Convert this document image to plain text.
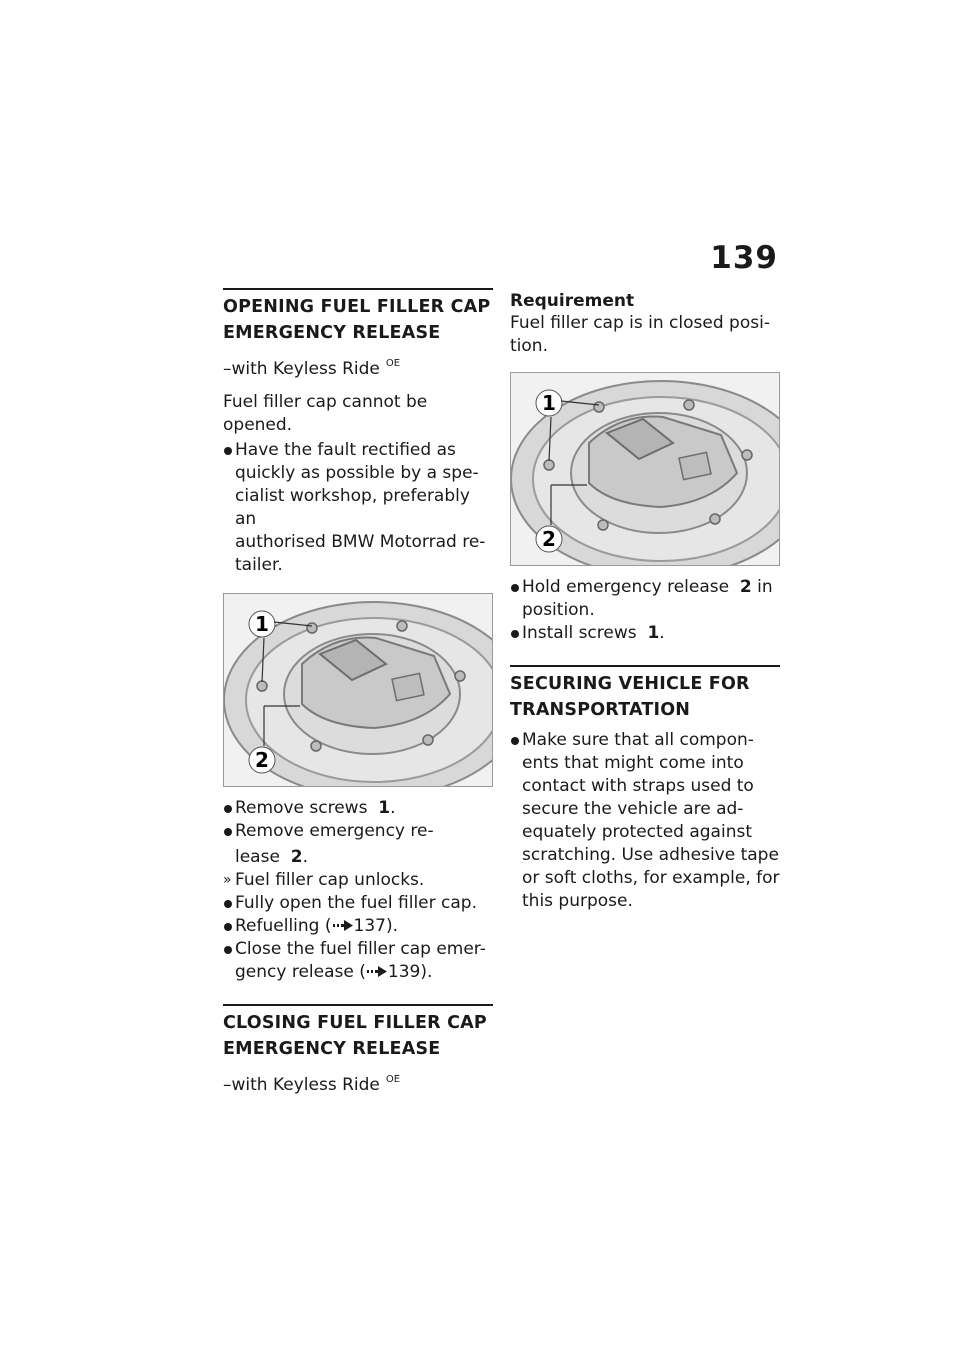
139
OPENING FUEL FILLER CAP
EMERGENCY RELEASE
–with Keyless Ride $^{OE}$
Fuel filler cap cannot be
opened.
Have the fault rectified as
quickly as possible by a spe-
cialist workshop, preferably an
authorised BMW Motorrad re-
tailer.
1
2
Remove screws 1.
Remove emergency re-
lease 2.
» Fuel filler cap unlocks.
Fully open the fuel filler cap.
Refuelling ( 137).
Close the fuel filler cap emer-
gency release ( 139).
CLOSING FUEL FILLER CAP
EMERGENCY RELEASE
–with Keyless Ride $^{OE}$
Requirement
Fuel filler cap is in closed posi-
tion.
1
2
Hold emergency release 2 in
position.
Install screws 1.
SECURING VEHICLE FOR
TRANSPORTATION
Make sure that all compon-
ents that might come into
contact with straps used to
secure the vehicle are ad-
equately protected against
scratching. Use adhesive tape
or soft cloths, for example, for
this purpose.
